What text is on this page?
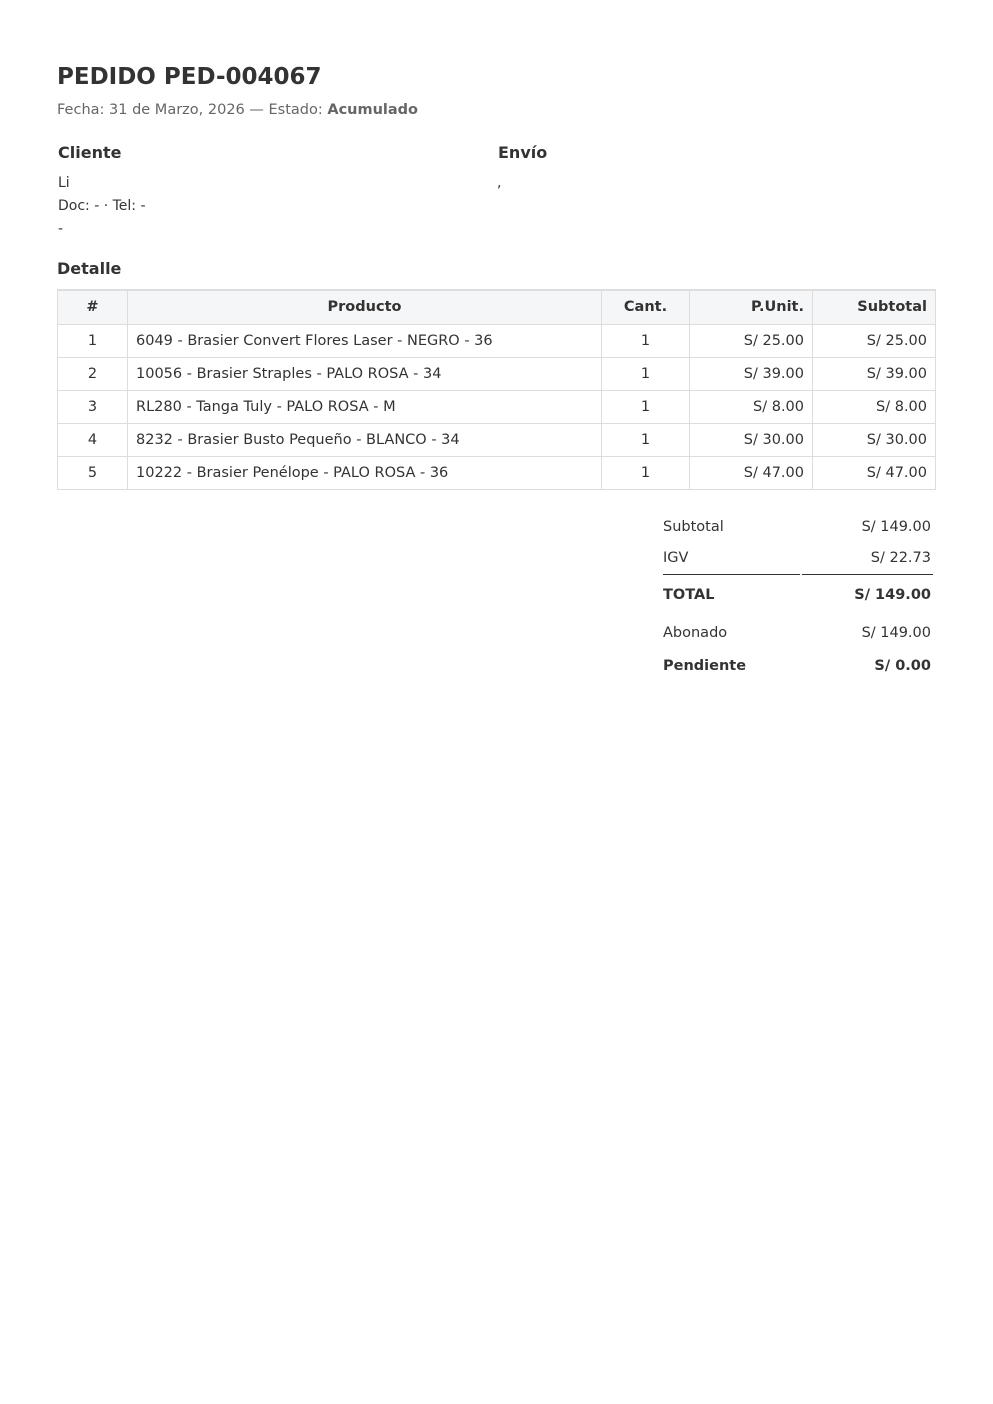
PEDIDO PED-004067
Fecha: 31 de Marzo, 2026 — Estado: Acumulado
Cliente
Li
Doc: - · Tel: -
-
Envío
,
Detalle
#	Producto	Cant.	P.Unit.	Subtotal
1	6049 - Brasier Convert Flores Laser - NEGRO - 36	1	S/ 25.00	S/ 25.00
2	10056 - Brasier Straples - PALO ROSA - 34	1	S/ 39.00	S/ 39.00
3	RL280 - Tanga Tuly - PALO ROSA - M	1	S/ 8.00	S/ 8.00
4	8232 - Brasier Busto Pequeño - BLANCO - 34	1	S/ 30.00	S/ 30.00
5	10222 - Brasier Penélope - PALO ROSA - 36	1	S/ 47.00	S/ 47.00
Subtotal	S/ 149.00
IGV	S/ 22.73
TOTAL	S/ 149.00
Abonado	S/ 149.00
Pendiente	S/ 0.00
